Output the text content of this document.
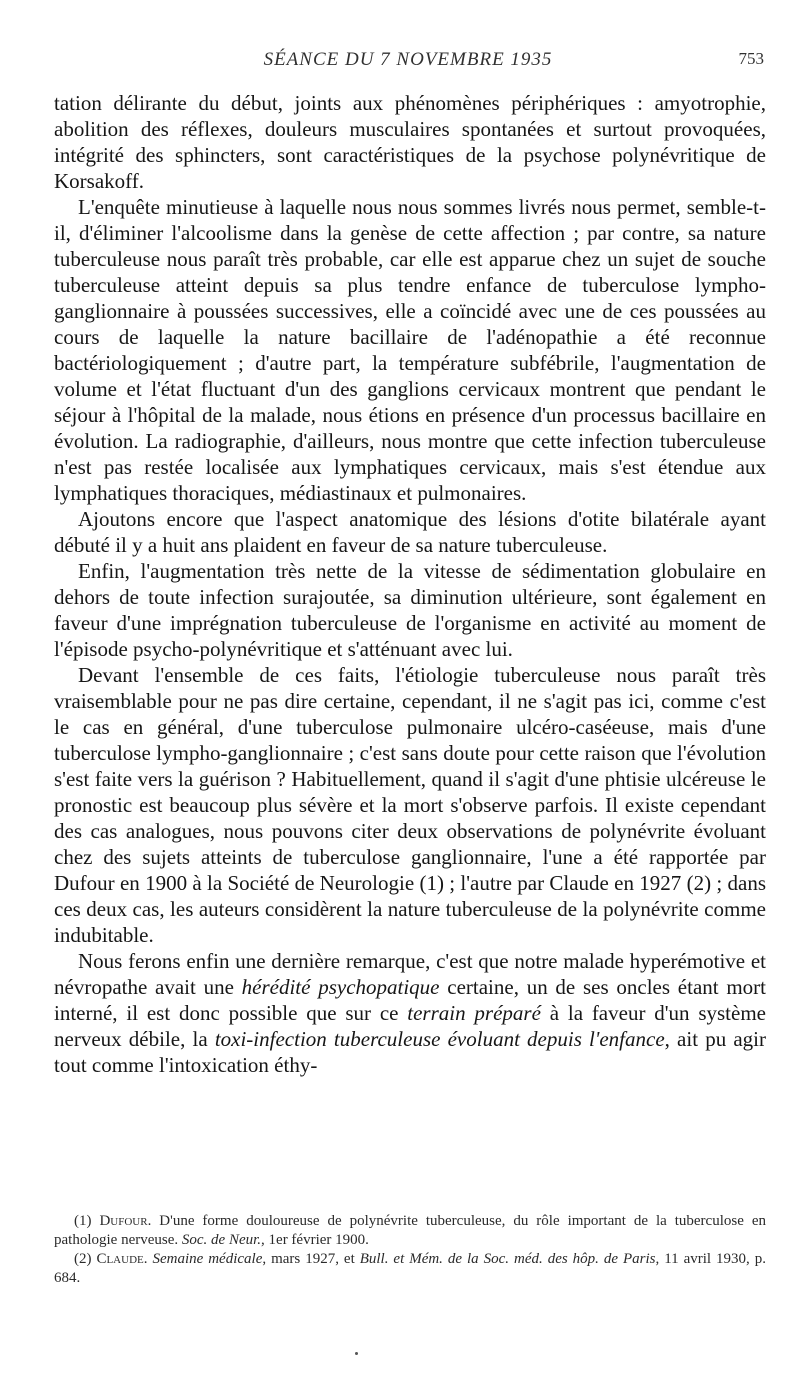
SÉANCE DU 7 NOVEMBRE 1935	753

tation délirante du début, joints aux phénomènes périphériques : amyotrophie, abolition des réflexes, douleurs musculaires spontanées et surtout provoquées, intégrité des sphincters, sont caractéristiques de la psychose polynévritique de Korsakoff.

L'enquête minutieuse à laquelle nous nous sommes livrés nous permet, semble-t-il, d'éliminer l'alcoolisme dans la genèse de cette affection ; par contre, sa nature tuberculeuse nous paraît très probable, car elle est apparue chez un sujet de souche tuberculeuse atteint depuis sa plus tendre enfance de tuberculose lympho-ganglionnaire à poussées successives, elle a coïncidé avec une de ces poussées au cours de laquelle la nature bacillaire de l'adénopathie a été reconnue bactériologiquement ; d'autre part, la température subfébrile, l'augmentation de volume et l'état fluctuant d'un des ganglions cervicaux montrent que pendant le séjour à l'hôpital de la malade, nous étions en présence d'un processus bacillaire en évolution. La radiographie, d'ailleurs, nous montre que cette infection tuberculeuse n'est pas restée localisée aux lymphatiques cervicaux, mais s'est étendue aux lymphatiques thoraciques, médiastinaux et pulmonaires.

Ajoutons encore que l'aspect anatomique des lésions d'otite bilatérale ayant débuté il y a huit ans plaident en faveur de sa nature tuberculeuse.

Enfin, l'augmentation très nette de la vitesse de sédimentation globulaire en dehors de toute infection surajoutée, sa diminution ultérieure, sont également en faveur d'une imprégnation tuberculeuse de l'organisme en activité au moment de l'épisode psycho-polynévritique et s'atténuant avec lui.

Devant l'ensemble de ces faits, l'étiologie tuberculeuse nous paraît très vraisemblable pour ne pas dire certaine, cependant, il ne s'agit pas ici, comme c'est le cas en général, d'une tuberculose pulmonaire ulcéro-caséeuse, mais d'une tuberculose lympho-ganglionnaire ; c'est sans doute pour cette raison que l'évolution s'est faite vers la guérison ? Habituellement, quand il s'agit d'une phtisie ulcéreuse le pronostic est beaucoup plus sévère et la mort s'observe parfois. Il existe cependant des cas analogues, nous pouvons citer deux observations de polynévrite évoluant chez des sujets atteints de tuberculose ganglionnaire, l'une a été rapportée par Dufour en 1900 à la Société de Neurologie (1) ; l'autre par Claude en 1927 (2) ; dans ces deux cas, les auteurs considèrent la nature tuberculeuse de la polynévrite comme indubitable.

Nous ferons enfin une dernière remarque, c'est que notre malade hyperémotive et névropathe avait une hérédité psychopatique certaine, un de ses oncles étant mort interné, il est donc possible que sur ce terrain préparé à la faveur d'un système nerveux débile, la toxi-infection tuberculeuse évoluant depuis l'enfance, ait pu agir tout comme l'intoxication éthy-

(1) Dufour. D'une forme douloureuse de polynévrite tuberculeuse, du rôle important de la tuberculose en pathologie nerveuse. Soc. de Neur., 1er février 1900.

(2) Claude. Semaine médicale, mars 1927, et Bull. et Mém. de la Soc. méd. des hôp. de Paris, 11 avril 1930, p. 684.
